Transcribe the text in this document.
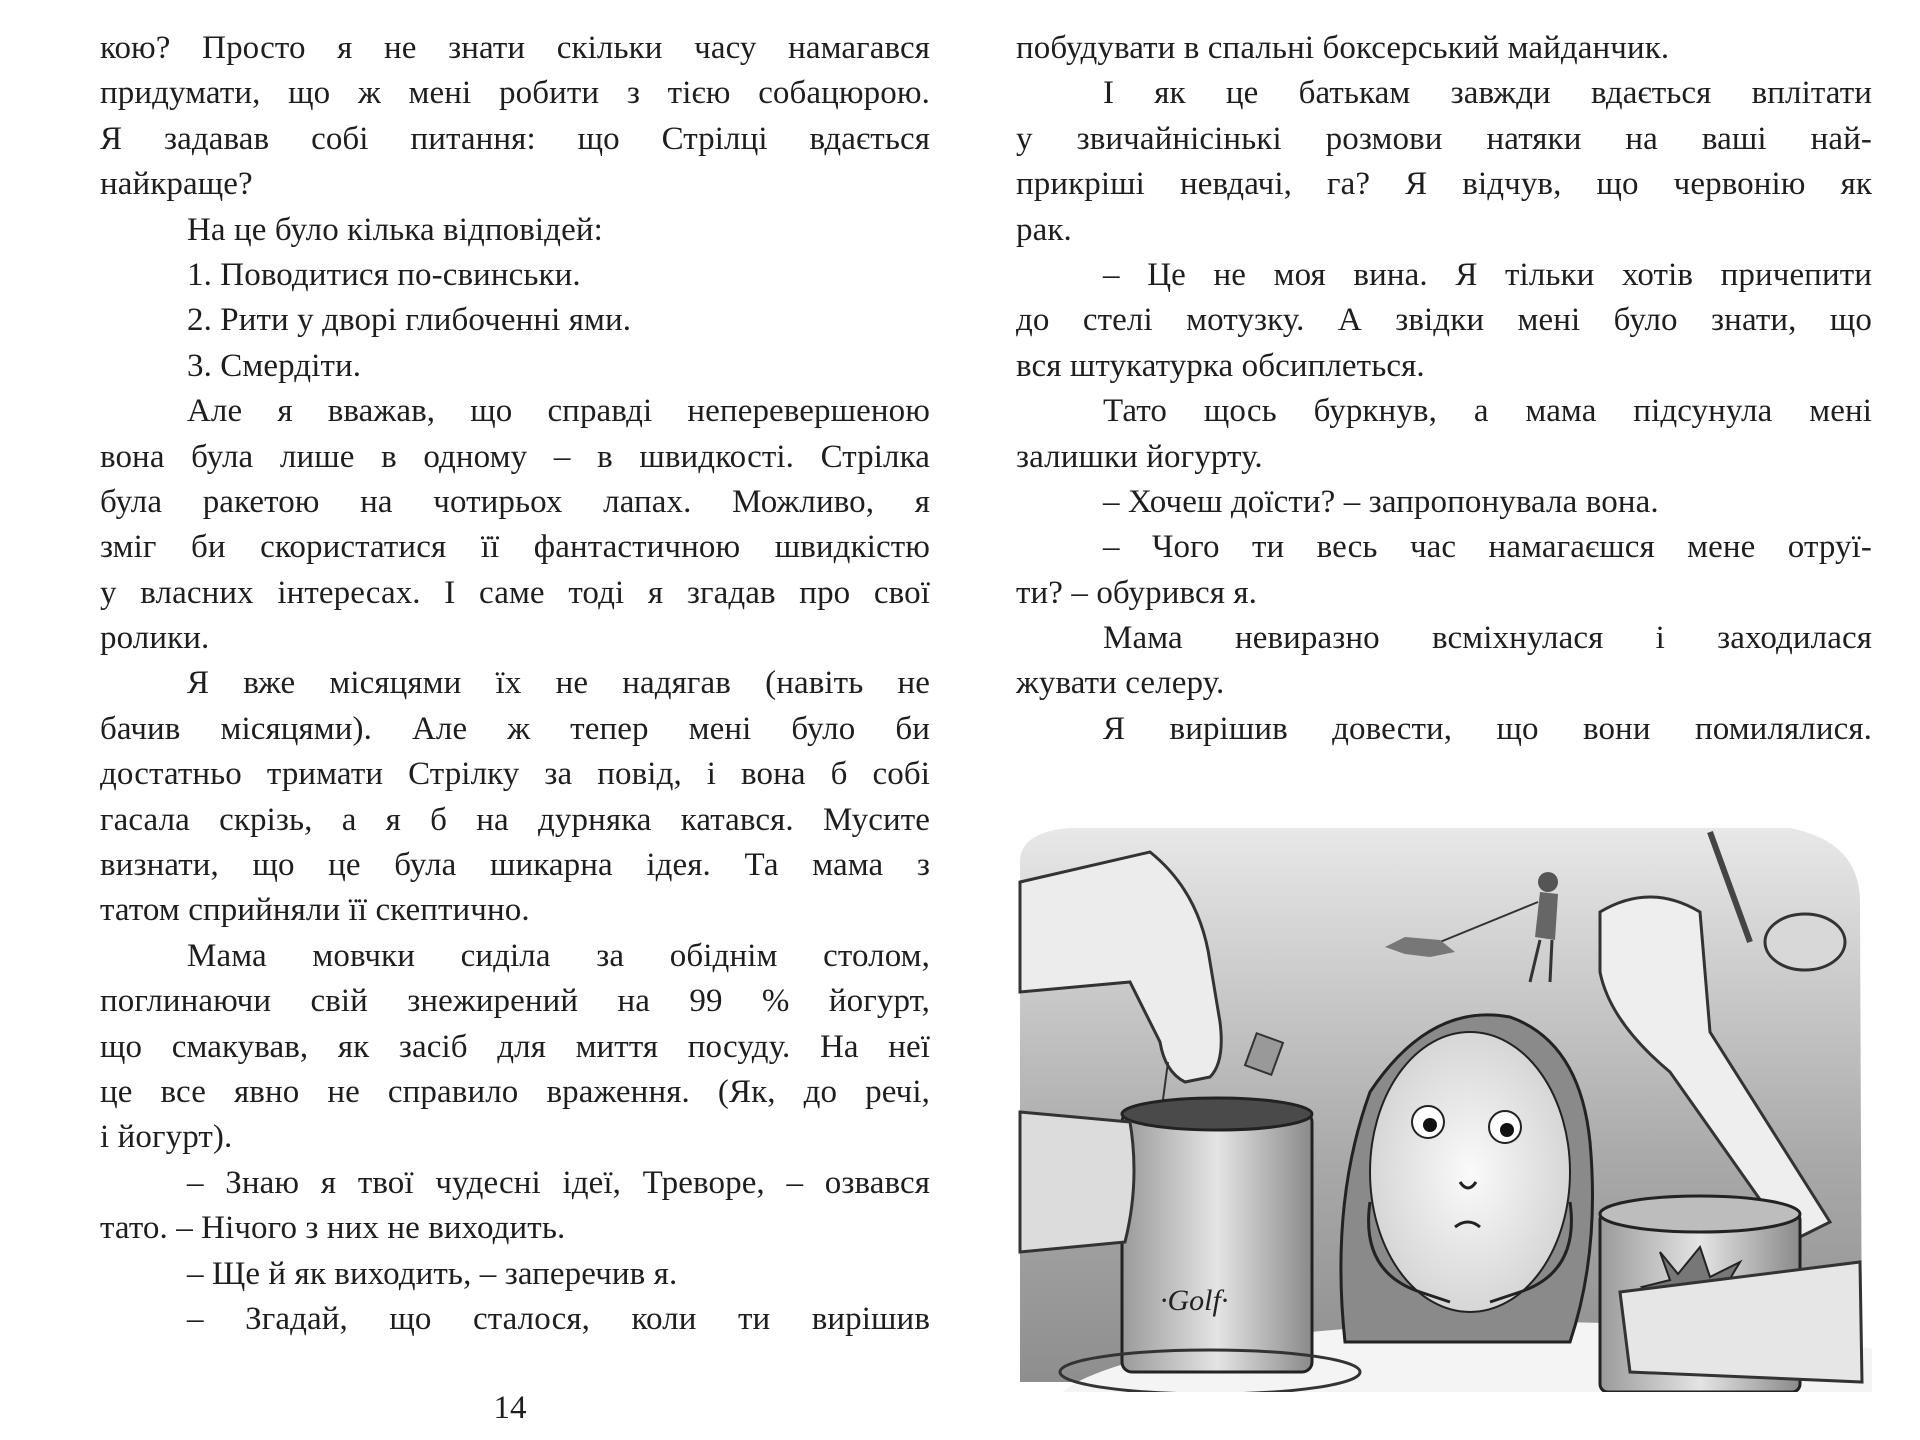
кою? Просто я не знати скільки часу намагався
придумати, що ж мені робити з тією собацюрою.
Я задавав собі питання: що Стрілці вдається
найкраще?
На це було кілька відповідей:
1. Поводитися по-свинськи.
2. Рити у дворі глибоченні ями.
3. Смердіти.
Але я вважав, що справді неперевершеною
вона була лише в одному – в швидкості. Стрілка
була ракетою на чотирьох лапах. Можливо, я
зміг би скористатися її фантастичною швидкістю
у власних інтересах. І саме тоді я згадав про свої
ролики.
Я вже місяцями їх не надягав (навіть не
бачив місяцями). Але ж тепер мені було би
достатньо тримати Стрілку за повід, і вона б собі
гасала скрізь, а я б на дурняка катався. Мусите
визнати, що це була шикарна ідея. Та мама з
татом сприйняли її скептично.
Мама мовчки сиділа за обіднім столом,
поглинаючи свій знежирений на 99 % йогурт,
що смакував, як засіб для миття посуду. На неї
це все явно не справило враження. (Як, до речі,
і йогурт).
– Знаю я твої чудесні ідеї, Треворе, – озвався
тато. – Нічого з них не виходить.
– Ще й як виходить, – заперечив я.
– Згадай, що сталося, коли ти вирішив
побудувати в спальні боксерський майданчик.
І як це батькам завжди вдається вплітати
у звичайнісінькі розмови натяки на ваші най-
прикріші невдачі, га? Я відчув, що червонію як
рак.
– Це не моя вина. Я тільки хотів причепити
до стелі мотузку. А звідки мені було знати, що
вся штукатурка обсиплеться.
Тато щось буркнув, а мама підсунула мені
залишки йогурту.
– Хочеш доїсти? – запропонувала вона.
– Чого ти весь час намагаєшся мене отруї-
ти? – обурився я.
Мама невиразно всміхнулася і заходилася
жувати селеру.
Я вирішив довести, що вони помилялися.
·Golf·
14
